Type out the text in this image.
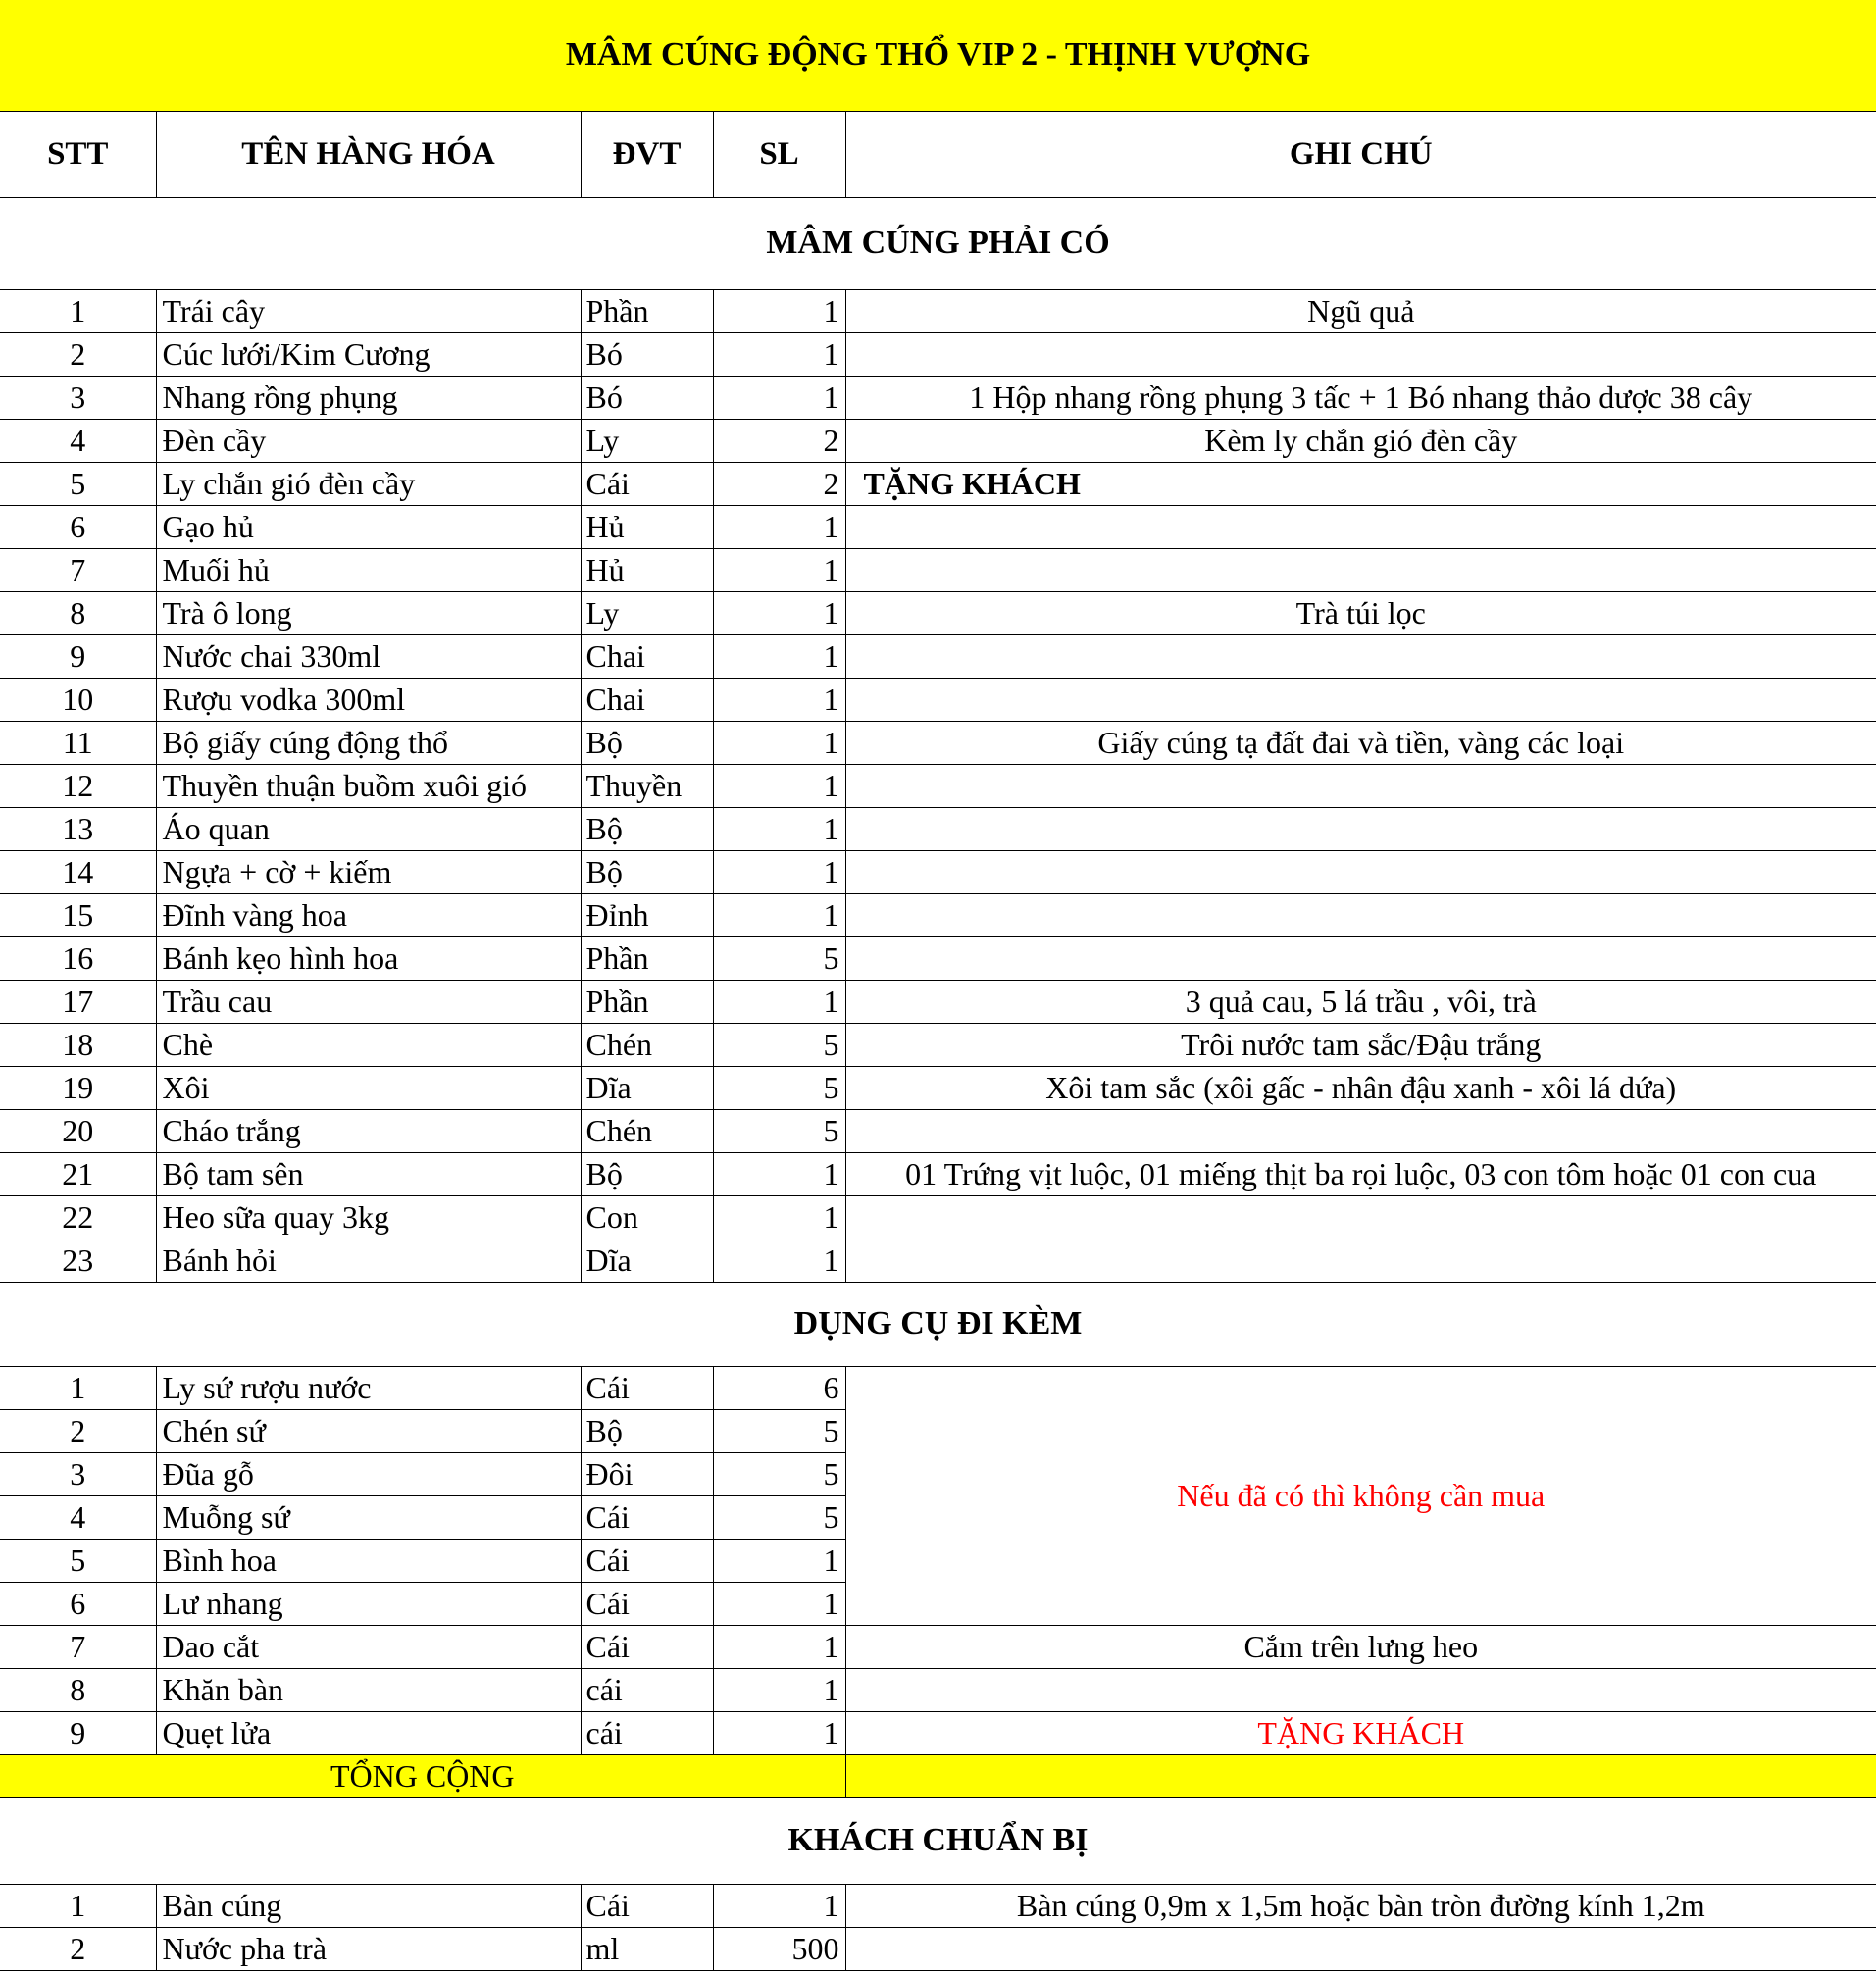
MÂM CÚNG ĐỘNG THỔ VIP 2 - THỊNH VƯỢNG				
STT	TÊN HÀNG HÓA	ĐVT	SL	GHI CHÚ
MÂM CÚNG PHẢI CÓ				
1	Trái cây	Phần	1	Ngũ quả
2	Cúc lưới/Kim Cương	Bó	1	
3	Nhang rồng phụng	Bó	1	1 Hộp nhang rồng phụng 3 tấc + 1 Bó nhang thảo dược 38 cây
4	Đèn cầy	Ly	2	Kèm ly chắn gió đèn cầy
5	Ly chắn gió đèn cầy	Cái	2	TẶNG KHÁCH
6	Gạo hủ	Hủ	1	
7	Muối hủ	Hủ	1	
8	Trà ô long	Ly	1	Trà túi lọc
9	Nước chai 330ml	Chai	1	
10	Rượu vodka 300ml	Chai	1	
11	Bộ giấy cúng động thổ	Bộ	1	Giấy cúng tạ đất đai và tiền, vàng các loại
12	Thuyền thuận buồm xuôi gió	Thuyền	1	
13	Áo quan	Bộ	1	
14	Ngựa + cờ + kiếm	Bộ	1	
15	Đĩnh vàng hoa	Đỉnh	1	
16	Bánh kẹo hình hoa	Phần	5	
17	Trầu cau	Phần	1	3 quả cau, 5 lá trầu , vôi, trà
18	Chè	Chén	5	Trôi nước tam sắc/Đậu trắng
19	Xôi	Dĩa	5	Xôi tam sắc (xôi gấc - nhân đậu xanh - xôi lá dứa)
20	Cháo trắng	Chén	5	
21	Bộ tam sên	Bộ	1	01 Trứng vịt luộc, 01 miếng thịt ba rọi luộc, 03 con tôm hoặc 01 con cua
22	Heo sữa quay 3kg	Con	1	
23	Bánh hỏi	Dĩa	1	
DỤNG CỤ ĐI KÈM				
1	Ly sứ rượu nước	Cái	6	Nếu đã có thì không cần mua
2	Chén sứ	Bộ	5	
3	Đũa gỗ	Đôi	5	
4	Muỗng sứ	Cái	5	
5	Bình hoa	Cái	1	
6	Lư nhang	Cái	1	
7	Dao cắt	Cái	1	Cắm trên lưng heo
8	Khăn bàn	cái	1	
9	Quẹt lửa	cái	1	TẶNG KHÁCH
TỔNG CỘNG				
KHÁCH CHUẨN BỊ				
1	Bàn cúng	Cái	1	Bàn cúng 0,9m x 1,5m hoặc bàn tròn đường kính 1,2m
2	Nước pha trà	ml	500	
